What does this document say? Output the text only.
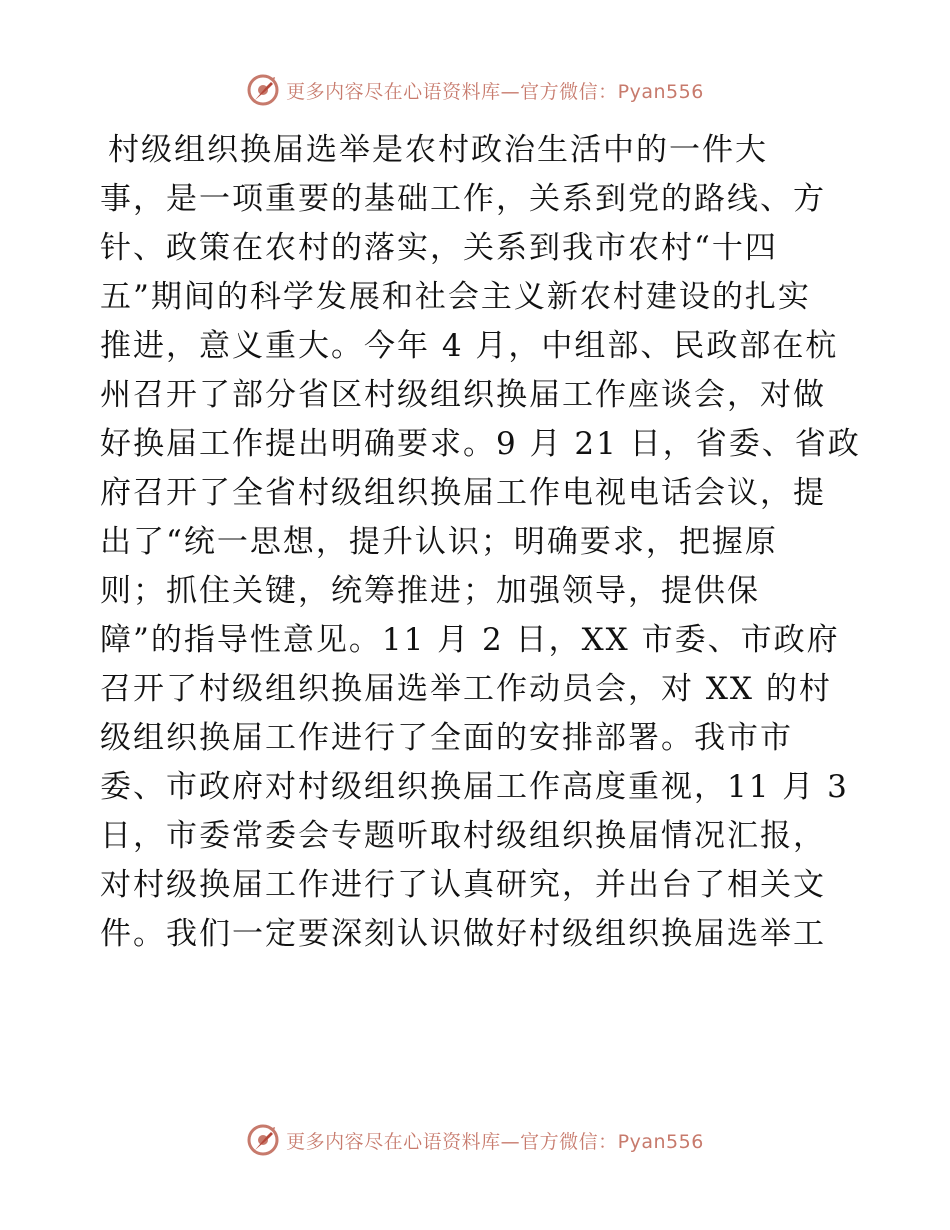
更多内容尽在心语资料库—官方微信：Pyan556
村级组织换届选举是农村政治生活中的一件大
事，是一项重要的基础工作，关系到党的路线、方
针、政策在农村的落实，关系到我市农村“十四
五”期间的科学发展和社会主义新农村建设的扎实
推进，意义重大。今年 4 月，中组部、民政部在杭
州召开了部分省区村级组织换届工作座谈会，对做
好换届工作提出明确要求。9 月 21 日，省委、省政
府召开了全省村级组织换届工作电视电话会议，提
出了“统一思想，提升认识；明确要求，把握原
则；抓住关键，统筹推进；加强领导，提供保
障”的指导性意见。11 月 2 日，XX 市委、市政府
召开了村级组织换届选举工作动员会，对 XX 的村
级组织换届工作进行了全面的安排部署。我市市
委、市政府对村级组织换届工作高度重视，11 月 3
日，市委常委会专题听取村级组织换届情况汇报，
对村级换届工作进行了认真研究，并出台了相关文
件。我们一定要深刻认识做好村级组织换届选举工
更多内容尽在心语资料库—官方微信：Pyan556
